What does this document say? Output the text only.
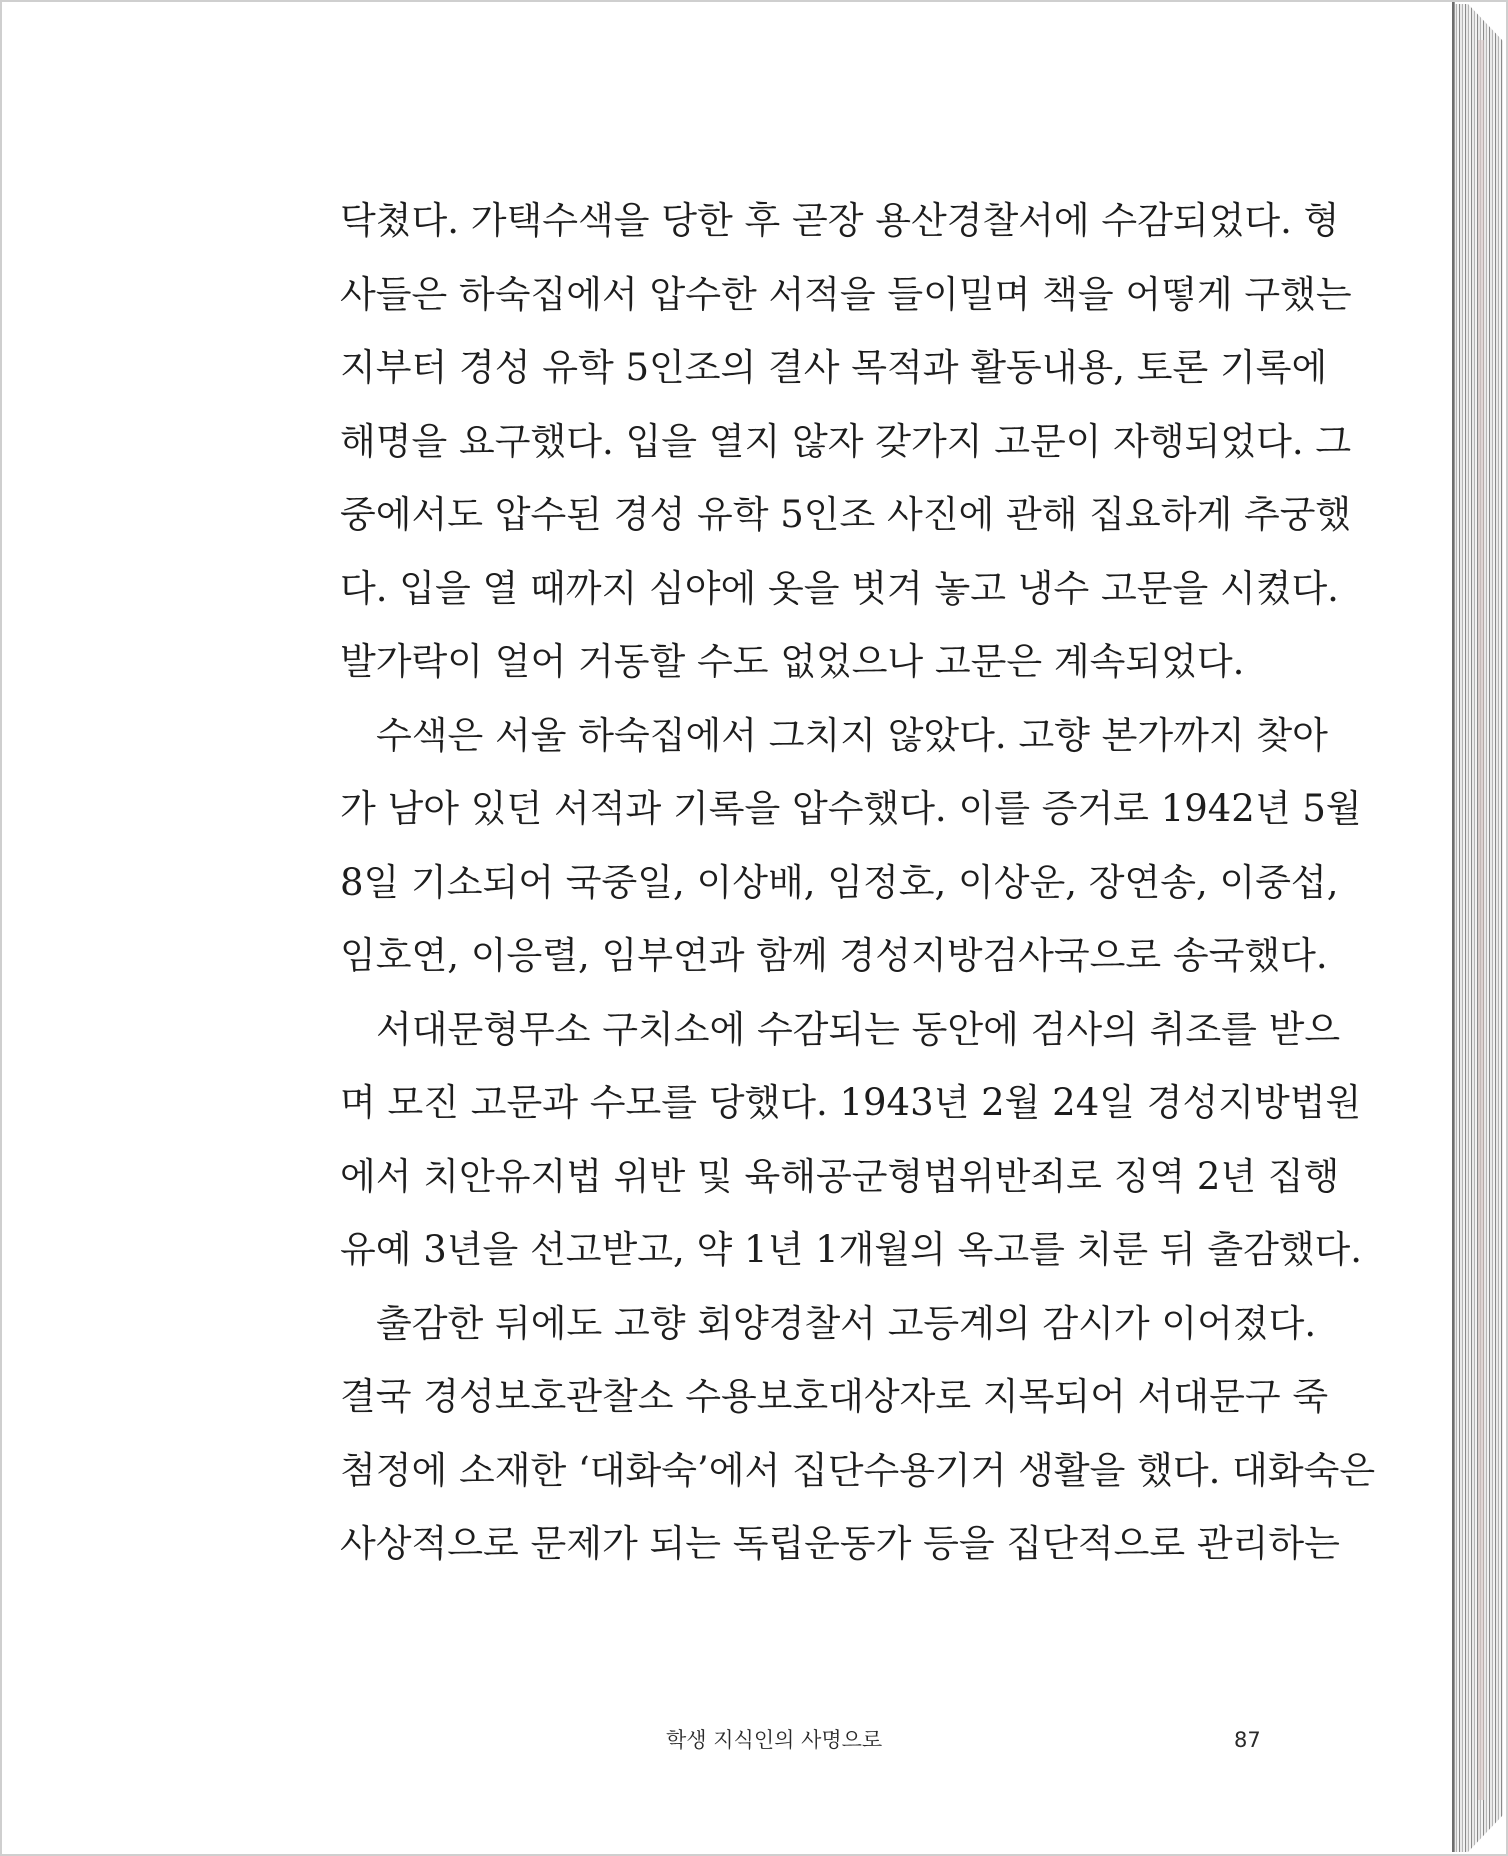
닥쳤다. 가택수색을 당한 후 곧장 용산경찰서에 수감되었다. 형
사들은 하숙집에서 압수한 서적을 들이밀며 책을 어떻게 구했는
지부터 경성 유학 5인조의 결사 목적과 활동내용, 토론 기록에
해명을 요구했다. 입을 열지 않자 갖가지 고문이 자행되었다. 그
중에서도 압수된 경성 유학 5인조 사진에 관해 집요하게 추궁했
다. 입을 열 때까지 심야에 옷을 벗겨 놓고 냉수 고문을 시켰다.
발가락이 얼어 거동할 수도 없었으나 고문은 계속되었다.
수색은 서울 하숙집에서 그치지 않았다. 고향 본가까지 찾아
가 남아 있던 서적과 기록을 압수했다. 이를 증거로 1942년 5월
8일 기소되어 국중일, 이상배, 임정호, 이상운, 장연송, 이중섭,
임호연, 이응렬, 임부연과 함께 경성지방검사국으로 송국했다.
서대문형무소 구치소에 수감되는 동안에 검사의 취조를 받으
며 모진 고문과 수모를 당했다. 1943년 2월 24일 경성지방법원
에서 치안유지법 위반 및 육해공군형법위반죄로 징역 2년 집행
유예 3년을 선고받고, 약 1년 1개월의 옥고를 치룬 뒤 출감했다.
출감한 뒤에도 고향 회양경찰서 고등계의 감시가 이어졌다.
결국 경성보호관찰소 수용보호대상자로 지목되어 서대문구 죽
첨정에 소재한 ‘대화숙’에서 집단수용기거 생활을 했다. 대화숙은
사상적으로 문제가 되는 독립운동가 등을 집단적으로 관리하는
학생 지식인의 사명으로	87
